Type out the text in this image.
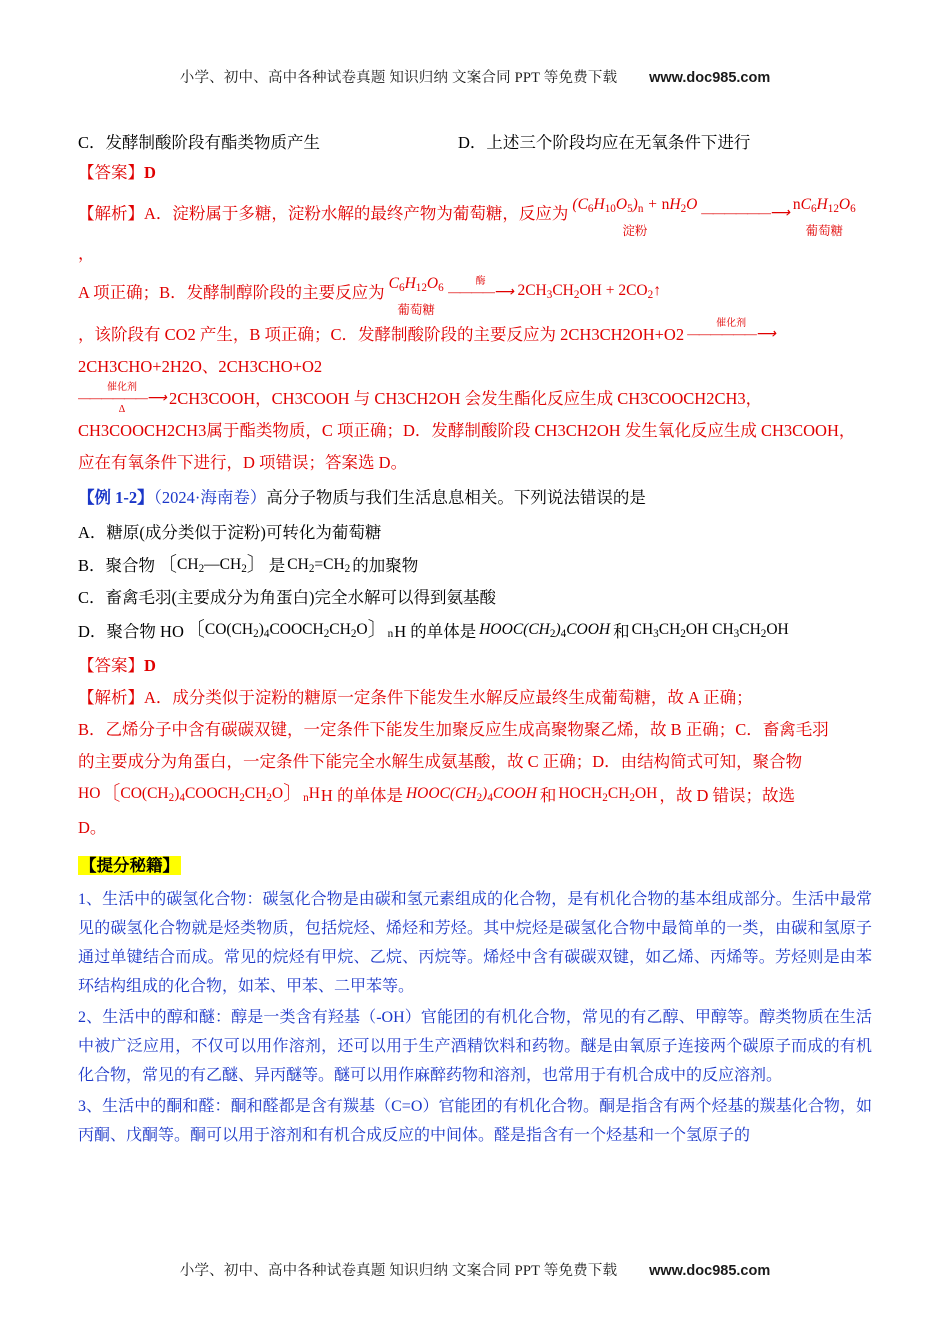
小学、初中、高中各种试卷真题 知识归纳 文案合同 PPT 等免费下载 www.doc985.com
C．发酵制酸阶段有酯类物质产生	D．上述三个阶段均应在无氧条件下进行

【答案】D

【解析】 A．淀粉属于多糖，淀粉水解的最终产物为葡萄糖，反应为 $(C_6H_{10}O_5)_n + nH_2O$
淀粉

——————⟶

$nC_6H_{12}O_6$
葡萄糖
，
A 项正确；B．发酵制醇阶段的主要反应为 $C_6H_{12}O_6$
葡萄糖

酶
————⟶
$2CH_3CH_2OH$ + $2CO_2↑$
，该阶段有 CO2 产生，B 项正确；C．发酵制酸阶段的主要反应为 2CH3CH2OH+O2
催化剂
——————⟶
2CH3CHO+2H2O、2CH3CHO+O2
催化剂
——————⟶
Δ
2CH3COOH，CH3COOH 与 CH3CH2OH 会发生酯化反应生成 CH3COOCH2CH3，

CH3COOCH2CH3属于酯类物质，C 项正确；D．发酵制酸阶段 CH3CH2OH 发生氧化反应生成 CH3COOH，

应在有氧条件下进行，D 项错误；答案选 D。

【例 1-2】（2024·海南卷）高分子物质与我们生活息息相关。下列说法错误的是

A．糖原(成分类似于淀粉)可转化为葡萄糖

B．聚合物 〔$CH_2—CH_2$〕 是 $CH_2=CH_2$ 的加聚物

C．畜禽毛羽(主要成分为角蛋白)完全水解可以得到氨基酸

D．聚合物 HO 〔$CO(CH_2)_4COOCH_2CH_2O$〕$_n$ H 的单体是 $HOOC(CH_2)_4COOH$ 和 $CH_3CH_2OH$ $CH_3CH_2OH$

【答案】D

【解析】A．成分类似于淀粉的糖原一定条件下能发生水解反应最终生成葡萄糖，故 A 正确；

B．乙烯分子中含有碳碳双键，一定条件下能发生加聚反应生成高聚物聚乙烯，故 B 正确；C．畜禽毛羽

的主要成分为角蛋白，一定条件下能完全水解生成氨基酸，故 C 正确；D．由结构简式可知，聚合物

HO〔$CO(CH_2)_4COOCH_2CH_2O$〕$_n$H H 的单体是 $HOOC(CH_2)_4COOH$ 和 $HOCH_2CH_2OH$ ，故 D 错误；故选

D。

【提分秘籍】

1、生活中的碳氢化合物：碳氢化合物是由碳和氢元素组成的化合物，是有机化合物的基本组成部分。生活中最常见的碳氢化合物就是烃类物质，包括烷烃、烯烃和芳烃。其中烷烃是碳氢化合物中最简单的一类，由碳和氢原子通过单键结合而成。常见的烷烃有甲烷、乙烷、丙烷等。烯烃中含有碳碳双键，如乙烯、丙烯等。芳烃则是由苯环结构组成的化合物，如苯、甲苯、二甲苯等。

2、生活中的醇和醚：醇是一类含有羟基（-OH）官能团的有机化合物，常见的有乙醇、甲醇等。醇类物质在生活中被广泛应用，不仅可以用作溶剂，还可以用于生产酒精饮料和药物。醚是由氧原子连接两个碳原子而成的有机化合物，常见的有乙醚、异丙醚等。醚可以用作麻醉药物和溶剂，也常用于有机合成中的反应溶剂。

3、生活中的酮和醛：酮和醛都是含有羰基（C=O）官能团的有机化合物。酮是指含有两个烃基的羰基化合物，如丙酮、戊酮等。酮可以用于溶剂和有机合成反应的中间体。醛是指含有一个烃基和一个氢原子的

小学、初中、高中各种试卷真题 知识归纳 文案合同 PPT 等免费下载 www.doc985.com
